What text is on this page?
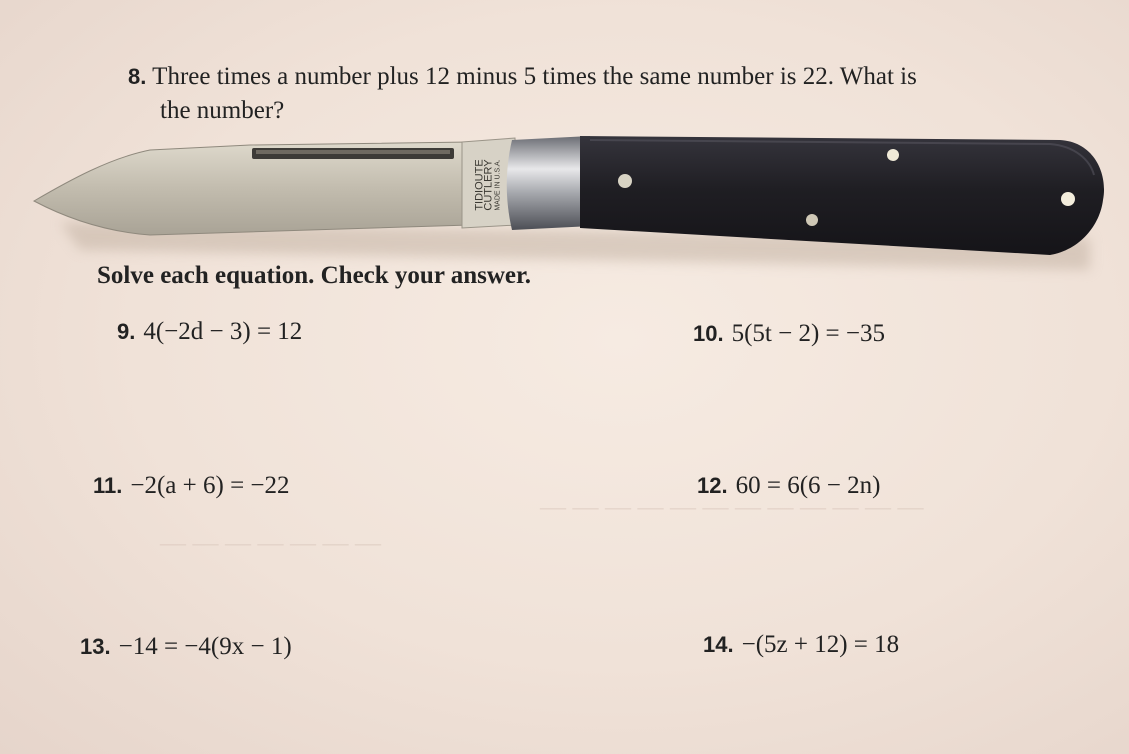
― ― ― ― ― ― ― ― ― ― ― ―
― ― ― ― ― ― ―
8. Three times a number plus 12 minus 5 times the same number is 22. What is
the number?
TIDIOUTE
CUTLERY MADE IN U.S.A.
Solve each equation. Check your answer.
9. 4(−2d − 3) = 12	10. 5(5t − 2) = −35
11. −2(a + 6) = −22	12. 60 = 6(6 − 2n)
13. −14 = −4(9x − 1)	14. −(5z + 12) = 18
